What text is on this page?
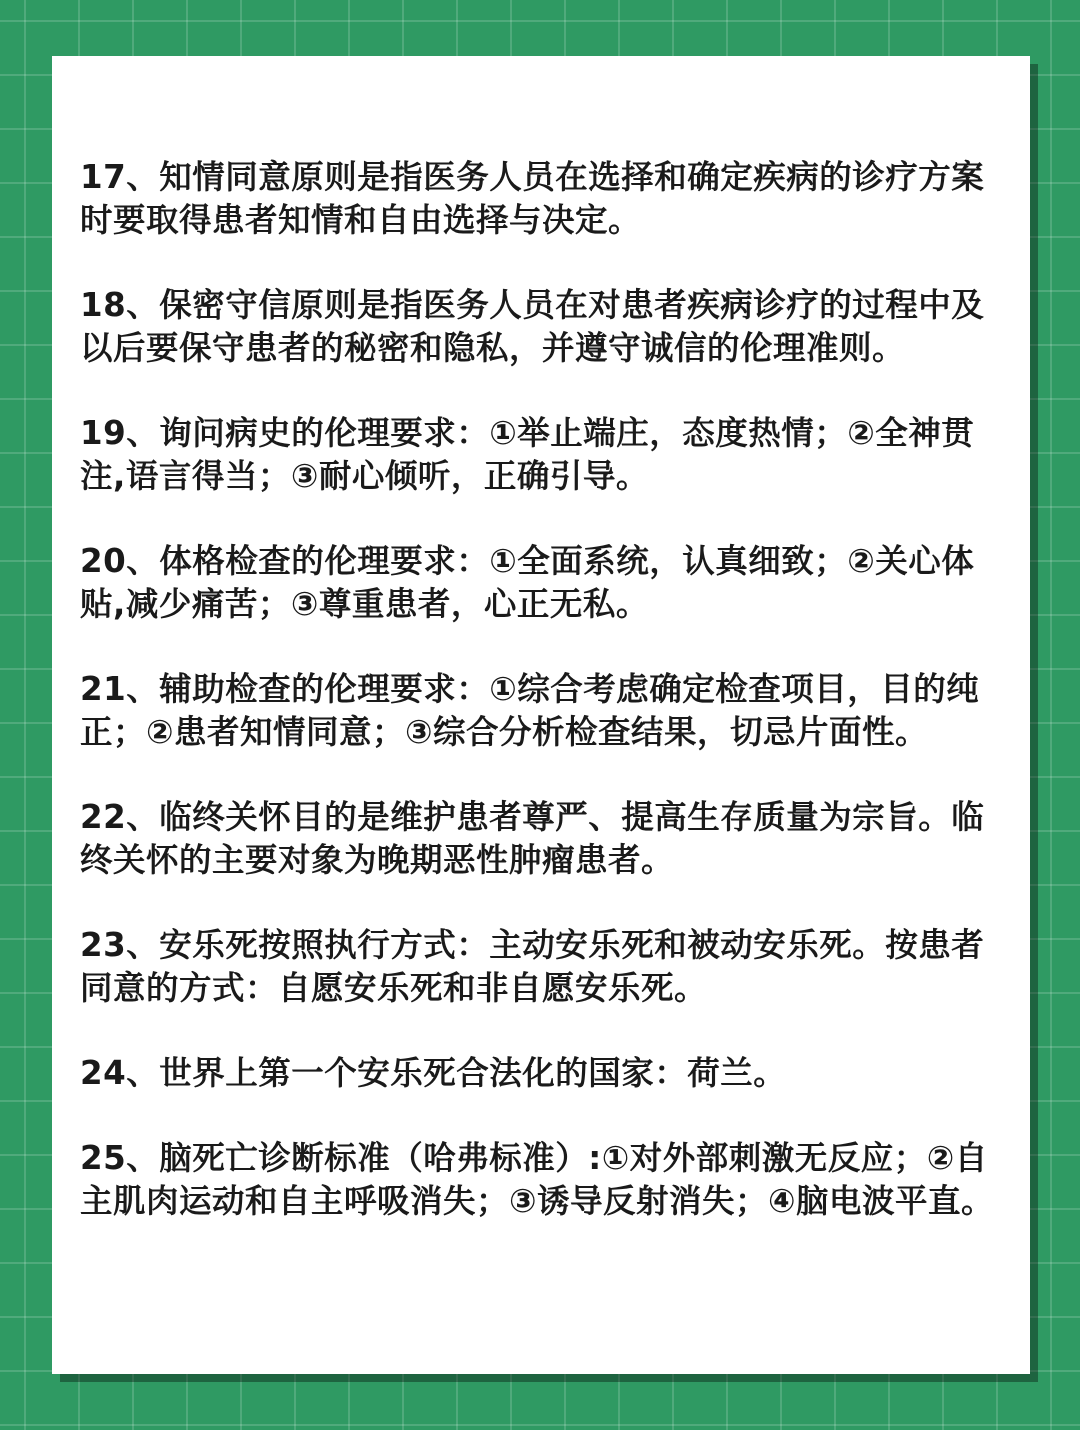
17、知情同意原则是指医务人员在选择和确定疾病的诊疗方案时要取得患者知情和自由选择与决定。

18、保密守信原则是指医务人员在对患者疾病诊疗的过程中及以后要保守患者的秘密和隐私，并遵守诚信的伦理准则。

19、询问病史的伦理要求：①举止端庄，态度热情；②全神贯注,语言得当；③耐心倾听，正确引导。

20、体格检查的伦理要求：①全面系统，认真细致；②关心体贴,减少痛苦；③尊重患者，心正无私。

21、辅助检查的伦理要求：①综合考虑确定检查项目，目的纯正；②患者知情同意；③综合分析检查结果，切忌片面性。

22、临终关怀目的是维护患者尊严、提高生存质量为宗旨。临终关怀的主要对象为晚期恶性肿瘤患者。

23、安乐死按照执行方式：主动安乐死和被动安乐死。按患者同意的方式：自愿安乐死和非自愿安乐死。

24、世界上第一个安乐死合法化的国家：荷兰。

25、脑死亡诊断标准（哈弗标准）:①对外部刺激无反应；②自主肌肉运动和自主呼吸消失；③诱导反射消失；④脑电波平直。
